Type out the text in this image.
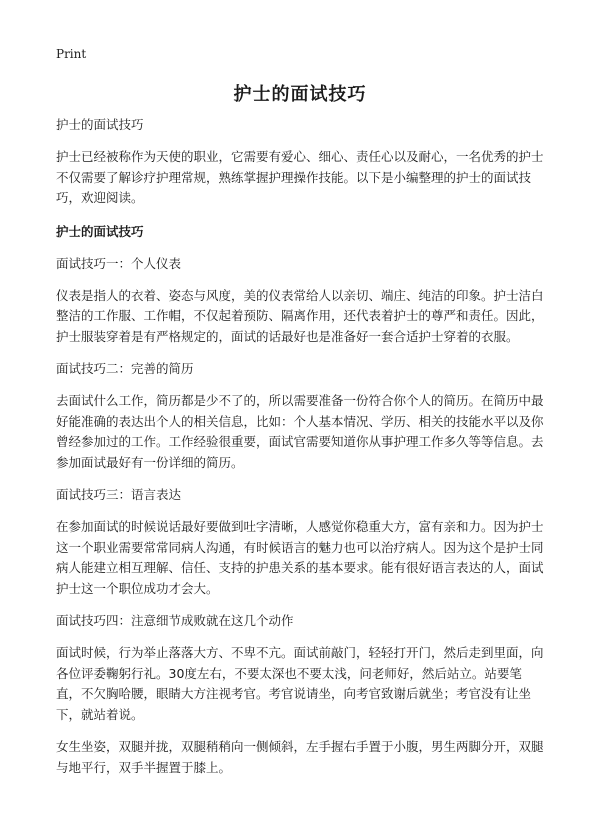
Print
护士的面试技巧

护士的面试技巧

护士已经被称作为天使的职业，它需要有爱心、细心、责任心以及耐心，一名优秀的护士不仅需要了解诊疗护理常规，熟练掌握护理操作技能。以下是小编整理的护士的面试技巧，欢迎阅读。

护士的面试技巧

面试技巧一：个人仪表

仪表是指人的衣着、姿态与风度，美的仪表常给人以亲切、端庄、纯洁的印象。护士洁白整洁的工作服、工作帽，不仅起着预防、隔离作用，还代表着护士的尊严和责任。因此，护士服装穿着是有严格规定的，面试的话最好也是准备好一套合适护士穿着的衣服。

面试技巧二：完善的简历

去面试什么工作，简历都是少不了的，所以需要准备一份符合你个人的简历。在简历中最好能准确的表达出个人的相关信息，比如：个人基本情况、学历、相关的技能水平以及你曾经参加过的工作。工作经验很重要，面试官需要知道你从事护理工作多久等等信息。去参加面试最好有一份详细的简历。

面试技巧三：语言表达

在参加面试的时候说话最好要做到吐字清晰，人感觉你稳重大方，富有亲和力。因为护士这一个职业需要常常同病人沟通，有时候语言的魅力也可以治疗病人。因为这个是护士同病人能建立相互理解、信任、支持的护患关系的基本要求。能有很好语言表达的人，面试护士这一个职位成功才会大。

面试技巧四：注意细节成败就在这几个动作

面试时候，行为举止落落大方、不卑不亢。面试前敲门，轻轻打开门，然后走到里面，向各位评委鞠躬行礼。30度左右，不要太深也不要太浅，问老师好，然后站立。站要笔直，不欠胸哈腰，眼睛大方注视考官。考官说请坐，向考官致谢后就坐；考官没有让坐下，就站着说。

女生坐姿，双腿并拢，双腿稍稍向一侧倾斜，左手握右手置于小腹，男生两脚分开，双腿与地平行，双手半握置于膝上。
